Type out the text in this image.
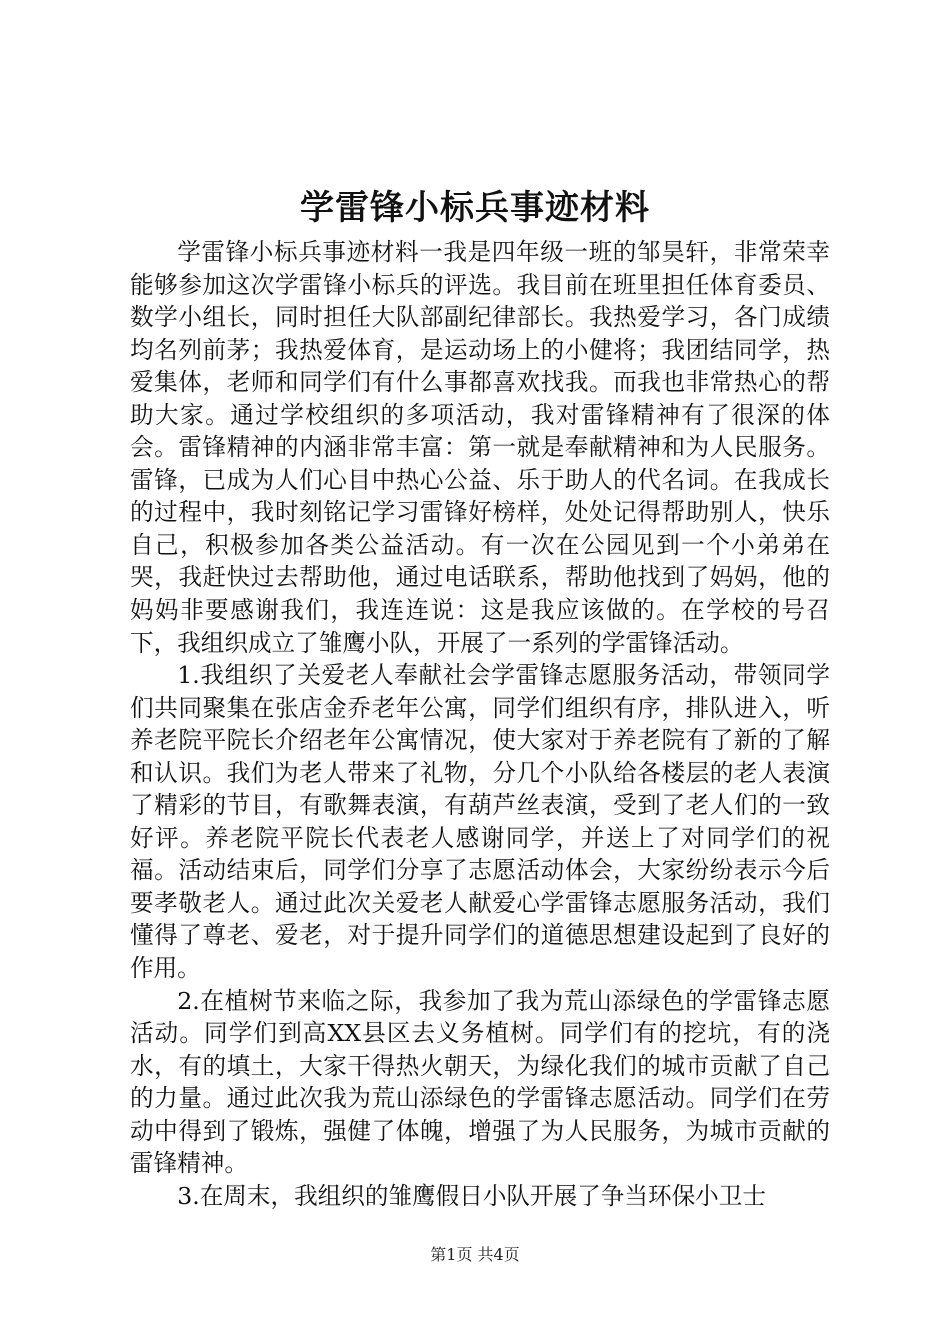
学雷锋小标兵事迹材料

学雷锋小标兵事迹材料一我是四年级一班的邹昊轩，非常荣幸能够参加这次学雷锋小标兵的评选。我目前在班里担任体育委员、数学小组长，同时担任大队部副纪律部长。我热爱学习，各门成绩均名列前茅；我热爱体育，是运动场上的小健将；我团结同学，热爱集体，老师和同学们有什么事都喜欢找我。而我也非常热心的帮助大家。通过学校组织的多项活动，我对雷锋精神有了很深的体会。雷锋精神的内涵非常丰富：第一就是奉献精神和为人民服务。雷锋，已成为人们心目中热心公益、乐于助人的代名词。在我成长的过程中，我时刻铭记学习雷锋好榜样，处处记得帮助别人，快乐自己，积极参加各类公益活动。有一次在公园见到一个小弟弟在哭，我赶快过去帮助他，通过电话联系，帮助他找到了妈妈，他的妈妈非要感谢我们，我连连说：这是我应该做的。在学校的号召下，我组织成立了雏鹰小队，开展了一系列的学雷锋活动。

1.我组织了关爱老人奉献社会学雷锋志愿服务活动，带领同学们共同聚集在张店金乔老年公寓，同学们组织有序，排队进入，听养老院平院长介绍老年公寓情况，使大家对于养老院有了新的了解和认识。我们为老人带来了礼物，分几个小队给各楼层的老人表演了精彩的节目，有歌舞表演，有葫芦丝表演，受到了老人们的一致好评。养老院平院长代表老人感谢同学，并送上了对同学们的祝福。活动结束后，同学们分享了志愿活动体会，大家纷纷表示今后要孝敬老人。通过此次关爱老人献爱心学雷锋志愿服务活动，我们懂得了尊老、爱老，对于提升同学们的道德思想建设起到了良好的作用。

2.在植树节来临之际，我参加了我为荒山添绿色的学雷锋志愿活动。同学们到高XX县区去义务植树。同学们有的挖坑，有的浇水，有的填土，大家干得热火朝天，为绿化我们的城市贡献了自己的力量。通过此次我为荒山添绿色的学雷锋志愿活动。同学们在劳动中得到了锻炼，强健了体魄，增强了为人民服务，为城市贡献的雷锋精神。

3.在周末，我组织的雏鹰假日小队开展了争当环保小卫士

第1页 共4页
